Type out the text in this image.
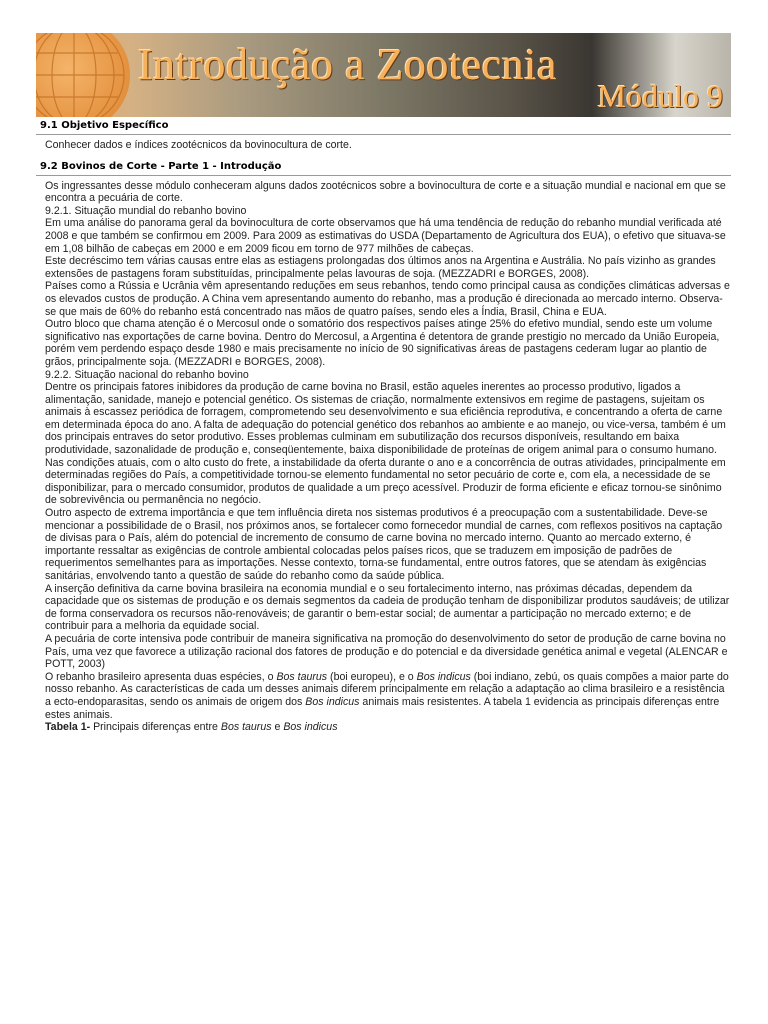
Introdução a Zootecnia
Módulo 9
9.1 Objetivo Específico

Conhecer dados e índices zootécnicos da bovinocultura de corte.

9.2 Bovinos de Corte - Parte 1 - Introdução

Os ingressantes desse módulo conheceram alguns dados zootécnicos sobre a bovinocultura de corte e a situação mundial e nacional em que se encontra a pecuária de corte.

9.2.1. Situação mundial do rebanho bovino

Em uma análise do panorama geral da bovinocultura de corte observamos que há uma tendência de redução do rebanho mundial verificada até 2008 e que também se confirmou em 2009. Para 2009 as estimativas do USDA (Departamento de Agricultura dos EUA), o efetivo que situava-se em 1,08 bilhão de cabeças em 2000 e em 2009 ficou em torno de 977 milhões de cabeças.

Este decréscimo tem várias causas entre elas as estiagens prolongadas dos últimos anos na Argentina e Austrália. No país vizinho as grandes extensões de pastagens foram substituídas, principalmente pelas lavouras de soja. (MEZZADRI e BORGES, 2008).

Países como a Rússia e Ucrânia vêm apresentando reduções em seus rebanhos, tendo como principal causa as condições climáticas adversas e os elevados custos de produção. A China vem apresentando aumento do rebanho, mas a produção é direcionada ao mercado interno. Observa-se que mais de 60% do rebanho está concentrado nas mãos de quatro países, sendo eles a Índia, Brasil, China e EUA.

Outro bloco que chama atenção é o Mercosul onde o somatório dos respectivos países atinge 25% do efetivo mundial, sendo este um volume significativo nas exportações de carne bovina. Dentro do Mercosul, a Argentina é detentora de grande prestigio no mercado da União Europeia, porém vem perdendo espaço desde 1980 e mais precisamente no início de 90 significativas áreas de pastagens cederam lugar ao plantio de grãos, principalmente soja. (MEZZADRI e BORGES, 2008).

9.2.2. Situação nacional do rebanho bovino

Dentre os principais fatores inibidores da produção de carne bovina no Brasil, estão aqueles inerentes ao processo produtivo, ligados a alimentação, sanidade, manejo e potencial genético. Os sistemas de criação, normalmente extensivos em regime de pastagens, sujeitam os animais à escassez periódica de forragem, comprometendo seu desenvolvimento e sua eficiência reprodutiva, e concentrando a oferta de carne em determinada época do ano. A falta de adequação do potencial genético dos rebanhos ao ambiente e ao manejo, ou vice-versa, também é um dos principais entraves do setor produtivo. Esses problemas culminam em subutilização dos recursos disponíveis, resultando em baixa produtividade, sazonalidade de produção e, conseqüentemente, baixa disponibilidade de proteínas de origem animal para o consumo humano.

Nas condições atuais, com o alto custo do frete, a instabilidade da oferta durante o ano e a concorrência de outras atividades, principalmente em determinadas regiões do País, a competitividade tornou-se elemento fundamental no setor pecuário de corte e, com ela, a necessidade de se disponibilizar, para o mercado consumidor, produtos de qualidade a um preço acessível. Produzir de forma eficiente e eficaz tornou-se sinônimo de sobrevivência ou permanência no negócio.

Outro aspecto de extrema importância e que tem influência direta nos sistemas produtivos é a preocupação com a sustentabilidade. Deve-se mencionar a possibilidade de o Brasil, nos próximos anos, se fortalecer como fornecedor mundial de carnes, com reflexos positivos na captação de divisas para o País, além do potencial de incremento de consumo de carne bovina no mercado interno. Quanto ao mercado externo, é importante ressaltar as exigências de controle ambiental colocadas pelos países ricos, que se traduzem em imposição de padrões de requerimentos semelhantes para as importações. Nesse contexto, torna-se fundamental, entre outros fatores, que se atendam às exigências sanitárias, envolvendo tanto a questão de saúde do rebanho como da saúde pública.

A inserção definitiva da carne bovina brasileira na economia mundial e o seu fortalecimento interno, nas próximas décadas, dependem da capacidade que os sistemas de produção e os demais segmentos da cadeia de produção tenham de disponibilizar produtos saudáveis; de utilizar de forma conservadora os recursos não-renováveis; de garantir o bem-estar social; de aumentar a participação no mercado externo; e de contribuir para a melhoria da equidade social.

A pecuária de corte intensiva pode contribuir de maneira significativa na promoção do desenvolvimento do setor de produção de carne bovina no País, uma vez que favorece a utilização racional dos fatores de produção e do potencial e da diversidade genética animal e vegetal (ALENCAR e POTT, 2003)

O rebanho brasileiro apresenta duas espécies, o Bos taurus (boi europeu), e o Bos indicus (boi indiano, zebú, os quais compões a maior parte do nosso rebanho. As características de cada um desses animais diferem principalmente em relação a adaptação ao clima brasileiro e a resistência a ecto-endoparasitas, sendo os animais de origem dos Bos indicus animais mais resistentes. A tabela 1 evidencia as principais diferenças entre estes animais.

Tabela 1- Principais diferenças entre Bos taurus e Bos indicus
